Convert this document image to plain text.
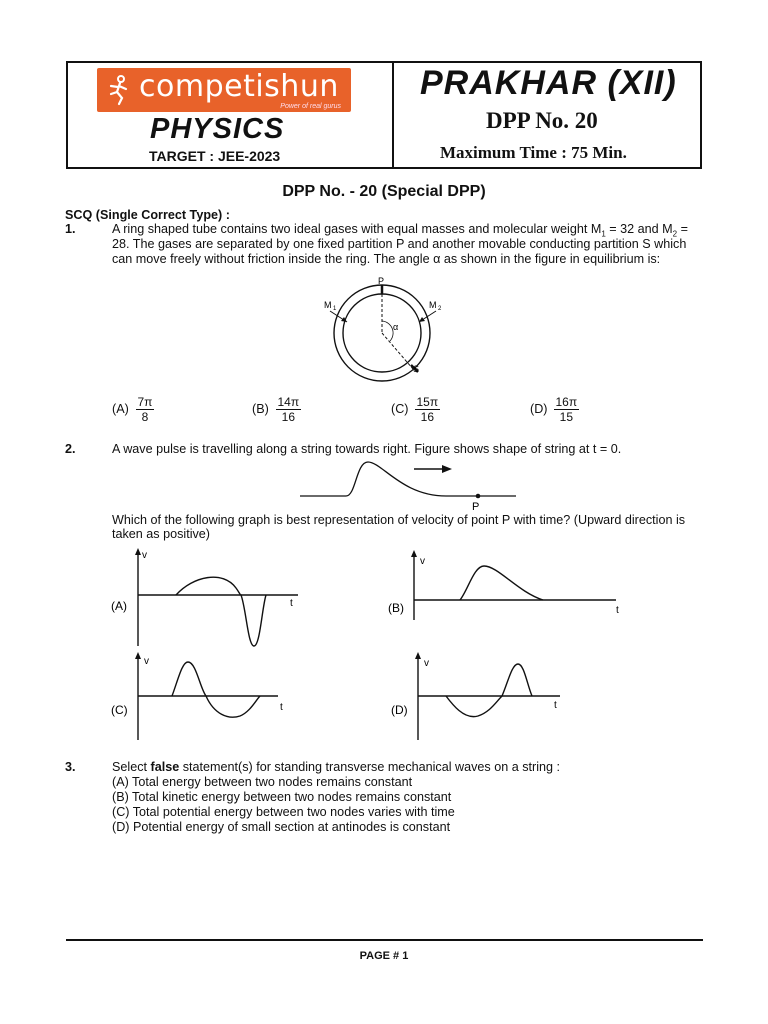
competishun
Power of real gurus
PHYSICS
TARGET : JEE-2023
PRAKHAR (XII)
DPP No. 20
Maximum Time : 75 Min.
DPP No. - 20 (Special DPP)
SCQ (Single Correct Type) :
1.	A ring shaped tube contains two ideal gases with equal masses and molecular weight $M_1 = 32$ and $M_2$ =
28. The gases are separated by one fixed partition P and another movable conducting partition S which
can move freely without friction inside the ring. The angle α as shown in the figure in equilibrium is:
P
M 1	M 2
α
S
$(A) \frac{7\pi}{8}$	$(B) \frac{14\pi}{16}$	$(C) \frac{15\pi}{16}$	$(D) \frac{16\pi}{15}$
2.	A wave pulse is travelling along a string towards right. Figure shows shape of string at t = 0.
P
Which of the following graph is best representation of velocity of point P with time? (Upward direction is
taken as positive)
v
t
(A)
v
t
(B)
v
t
(C)
v
t
(D)
3.	Select false statement(s) for standing transverse mechanical waves on a string :
(A) Total energy between two nodes remains constant
(B) Total kinetic energy between two nodes remains constant
(C) Total potential energy between two nodes varies with time
(D) Potential energy of small section at antinodes is constant
PAGE # 1
